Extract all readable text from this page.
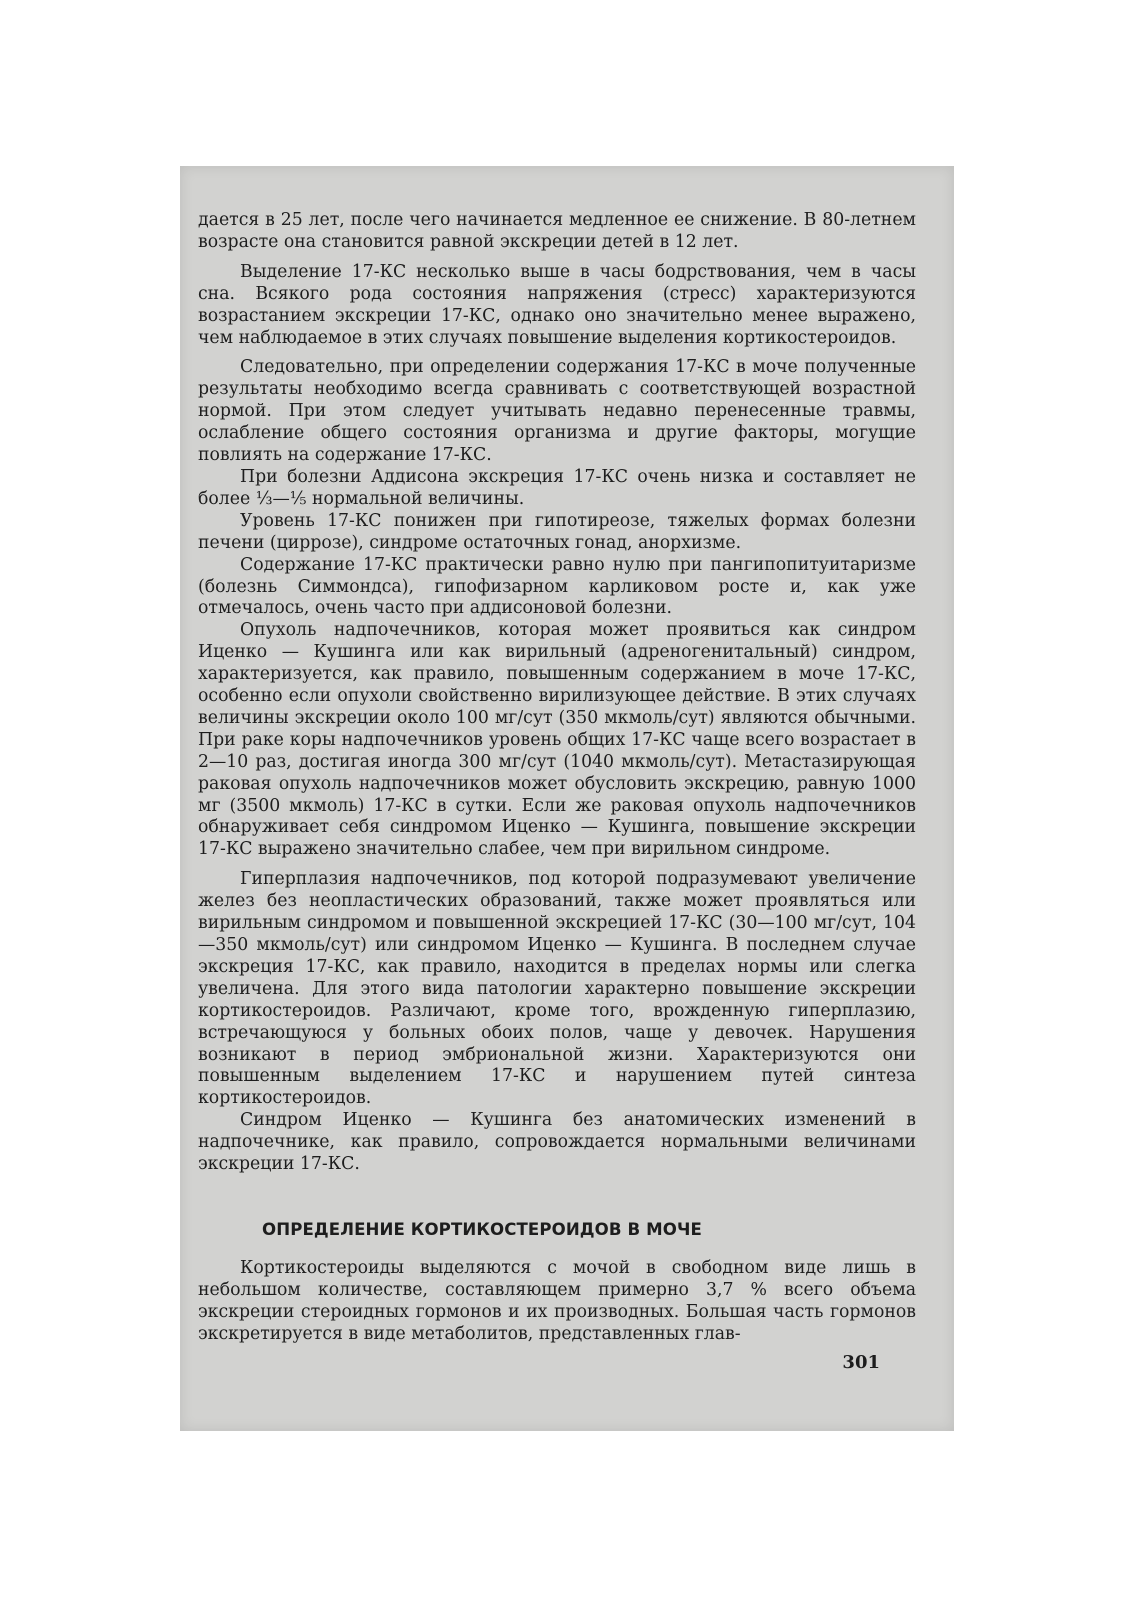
дается в 25 лет, после чего начинается медленное ее снижение. В 80-летнем возрасте она становится равной экскреции детей в 12 лет.

Выделение 17-КС несколько выше в часы бодрствования, чем в часы сна. Всякого рода состояния напряжения (стресс) характеризуются возрастанием экскреции 17-КС, однако оно значительно менее выражено, чем наблюдаемое в этих случаях повышение выделения кортикостероидов.

Следовательно, при определении содержания 17-КС в моче полученные результаты необходимо всегда сравнивать с соответствующей возрастной нормой. При этом следует учитывать недавно перенесенные травмы, ослабление общего состояния организма и другие факторы, могущие повлиять на содержание 17-КС.

При болезни Аддисона экскреция 17-КС очень низка и составляет не более ⅓—⅕ нормальной величины.

Уровень 17-КС понижен при гипотиреозе, тяжелых формах болезни печени (циррозе), синдроме остаточных гонад, анорхизме.

Содержание 17-КС практически равно нулю при пангипопитуитаризме (болезнь Симмондса), гипофизарном карликовом росте и, как уже отмечалось, очень часто при аддисоновой болезни.

Опухоль надпочечников, которая может проявиться как синдром Иценко — Кушинга или как вирильный (адреногенитальный) синдром, характеризуется, как правило, повышенным содержанием в моче 17-КС, особенно если опухоли свойственно вирилизующее действие. В этих случаях величины экскреции около 100 мг/сут (350 мкмоль/сут) являются обычными. При раке коры надпочечников уровень общих 17-КС чаще всего возрастает в 2—10 раз, достигая иногда 300 мг/сут (1040 мкмоль/сут). Метастазирующая раковая опухоль надпочечников может обусловить экскрецию, равную 1000 мг (3500 мкмоль) 17-КС в сутки. Если же раковая опухоль надпочечников обнаруживает себя синдромом Иценко — Кушинга, повышение экскреции 17-КС выражено значительно слабее, чем при вирильном синдроме.

Гиперплазия надпочечников, под которой подразумевают увеличение желез без неопластических образований, также может проявляться или вирильным синдромом и повышенной экскрецией 17-КС (30—100 мг/сут, 104—350 мкмоль/сут) или синдромом Иценко — Кушинга. В последнем случае экскреция 17-КС, как правило, находится в пределах нормы или слегка увеличена. Для этого вида патологии характерно повышение экскреции кортикостероидов. Различают, кроме того, врожденную гиперплазию, встречающуюся у больных обоих полов, чаще у девочек. Нарушения возникают в период эмбриональной жизни. Характеризуются они повышенным выделением 17-КС и нарушением путей синтеза кортикостероидов.

Синдром Иценко — Кушинга без анатомических изменений в надпочечнике, как правило, сопровождается нормальными величинами экскреции 17-КС.

ОПРЕДЕЛЕНИЕ КОРТИКОСТЕРОИДОВ В МОЧЕ

Кортикостероиды выделяются с мочой в свободном виде лишь в небольшом количестве, составляющем примерно 3,7 % всего объема экскреции стероидных гормонов и их производных. Большая часть гормонов экскретируется в виде метаболитов, представленных глав-

301
